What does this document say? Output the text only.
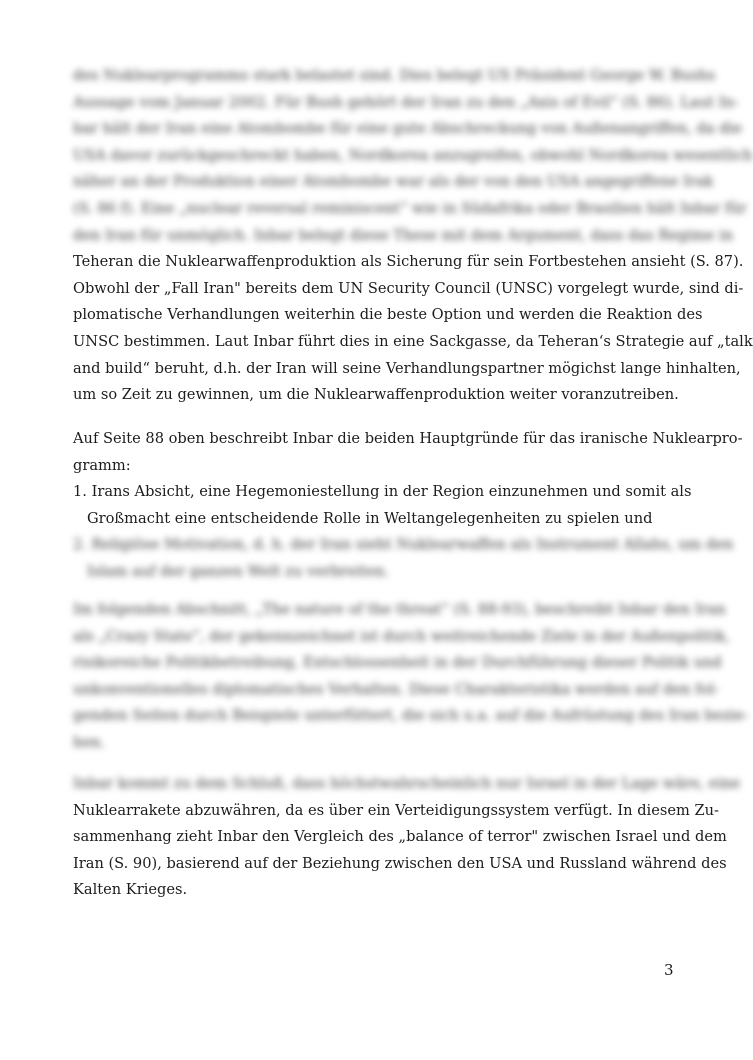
des Nuklearprogramms stark belastet sind. Dies belegt US Präsident George W. Bushs
Aussage vom Januar 2002. Für Bush gehört der Iran zu den „Axis of Evil“ (S. 86). Laut In-
bar hält der Iran eine Atombombe für eine gute Abschreckung von Außenangriffen, da die
USA davor zurückgeschreckt haben, Nordkorea anzugreifen, obwohl Nordkorea wesentlich
näher an der Produktion einer Atombombe war als der von den USA angegriffene Irak
(S. 86 f). Eine „nuclear reversal reminiscent“ wie in Südafrika oder Brasilien hält Inbar für
den Iran für unmöglich. Inbar belegt diese These mit dem Argument, dass das Regime in
Teheran die Nuklearwaffenproduktion als Sicherung für sein Fortbestehen ansieht (S. 87).
Obwohl der „Fall Iran" bereits dem UN Security Council (UNSC) vorgelegt wurde, sind di-
plomatische Verhandlungen weiterhin die beste Option und werden die Reaktion des
UNSC bestimmen. Laut Inbar führt dies in eine Sackgasse, da Teheran‘s Strategie auf „talk
and build“ beruht, d.h. der Iran will seine Verhandlungspartner mögichst lange hinhalten,
um so Zeit zu gewinnen, um die Nuklearwaffenproduktion weiter voranzutreiben.
Auf Seite 88 oben beschreibt Inbar die beiden Hauptgründe für das iranische Nuklearpro-
gramm:
1. Irans Absicht, eine Hegemoniestellung in der Region einzunehmen und somit als
Großmacht eine entscheidende Rolle in Weltangelegenheiten zu spielen und
2. Religiöse Motivation, d. h. der Iran sieht Nuklearwaffen als Instrument Allahs, um den
Islam auf der ganzen Welt zu verbreiten.
Im folgenden Abschnitt, „The nature of the threat“ (S. 88-93), beschreibt Inbar den Iran
als „Crazy State“, der gekennzeichnet ist durch weitreichende Ziele in der Außenpolitik,
risikoreiche Politikbetreibung, Entschlossenheit in der Durchführung dieser Politik und
unkonventionelles diplomatisches Verhalten. Diese Charakteristika werden auf den fol-
genden Seiten durch Beispiele unterfüttert, die sich u.a. auf die Aufrüstung des Iran bezie-
hen.
Inbar kommt zu dem Schluß, dass höchstwahrscheinlich nur Israel in der Lage wäre, eine
Nuklearrakete abzuwähren, da es über ein Verteidigungssystem verfügt. In diesem Zu-
sammenhang zieht Inbar den Vergleich des „balance of terror" zwischen Israel und dem
Iran (S. 90), basierend auf der Beziehung zwischen den USA und Russland während des
Kalten Krieges.
3
